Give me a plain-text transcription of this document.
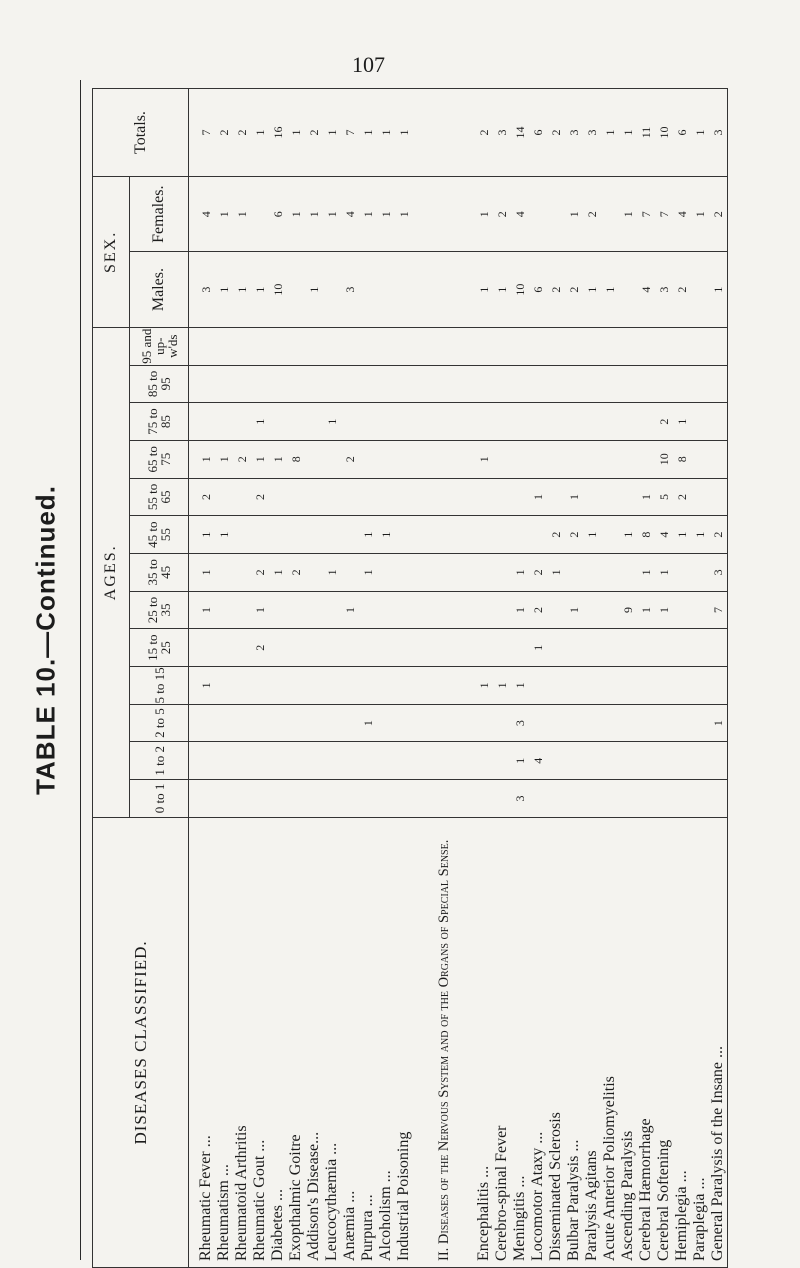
107
TABLE 10.—Continued.
DISEASES CLASSIFIED.	AGES.													SEX.		Totals.
	0 to 1	1 to 2	2 to 5	5 to 15	15 to 25	25 to 35	35 to 45	45 to 55	55 to 65	65 to 75	75 to 85	85 to 95	95 and up-w'ds	Males.	Females.	

Rheumatic Fever ...				1		1	1	1	2	1				3	4	7
Rheumatism ...								1		1				1	1	2
Rheumatoid Arthritis										2				1	1	2
Rheumatic Gout ...					2	1	2		2	1	1			1		1
Diabetes ...							1			1				10	6	16
Exopthalmic Goitre							2			8					1	1
Addison's Disease...														1	1	2
Leucocythæmia ...							1				1				1	1
Anæmia ...						1				2				3	4	7
Purpura ...			1				1	1							1	1
Alcoholism ...								1							1	1
Industrial Poisoning															1	1
II. Diseases of the Nervous System and of the Organs of Special Sense.																
Encephalitis ...				1						1				1	1	2
Cerebro-spinal Fever				1										1	2	3
Meningitis ...	3	1	3	1		1	1							10	4	14
Locomotor Ataxy ...		4			1	2	2		1					6		6
Disseminated Sclerosis							1	2						2		2
Bulbar Paralysis ...						1		2	1					2	1	3
Paralysis Agitans								1						1	2	3
Acute Anterior Poliomyelitis														1		1
Ascending Paralysis						9		1							1	1
Cerebral Hæmorrhage						1	1	8	1					4	7	11
Cerebral Softening						1	1	4	5	10	2			3	7	10
Hemiplegia ...								1	2	8	1			2	4	6
Paraplegia ...								1							1	1
General Paralysis of the Insane ...			1			7	3	2						1	2	3
